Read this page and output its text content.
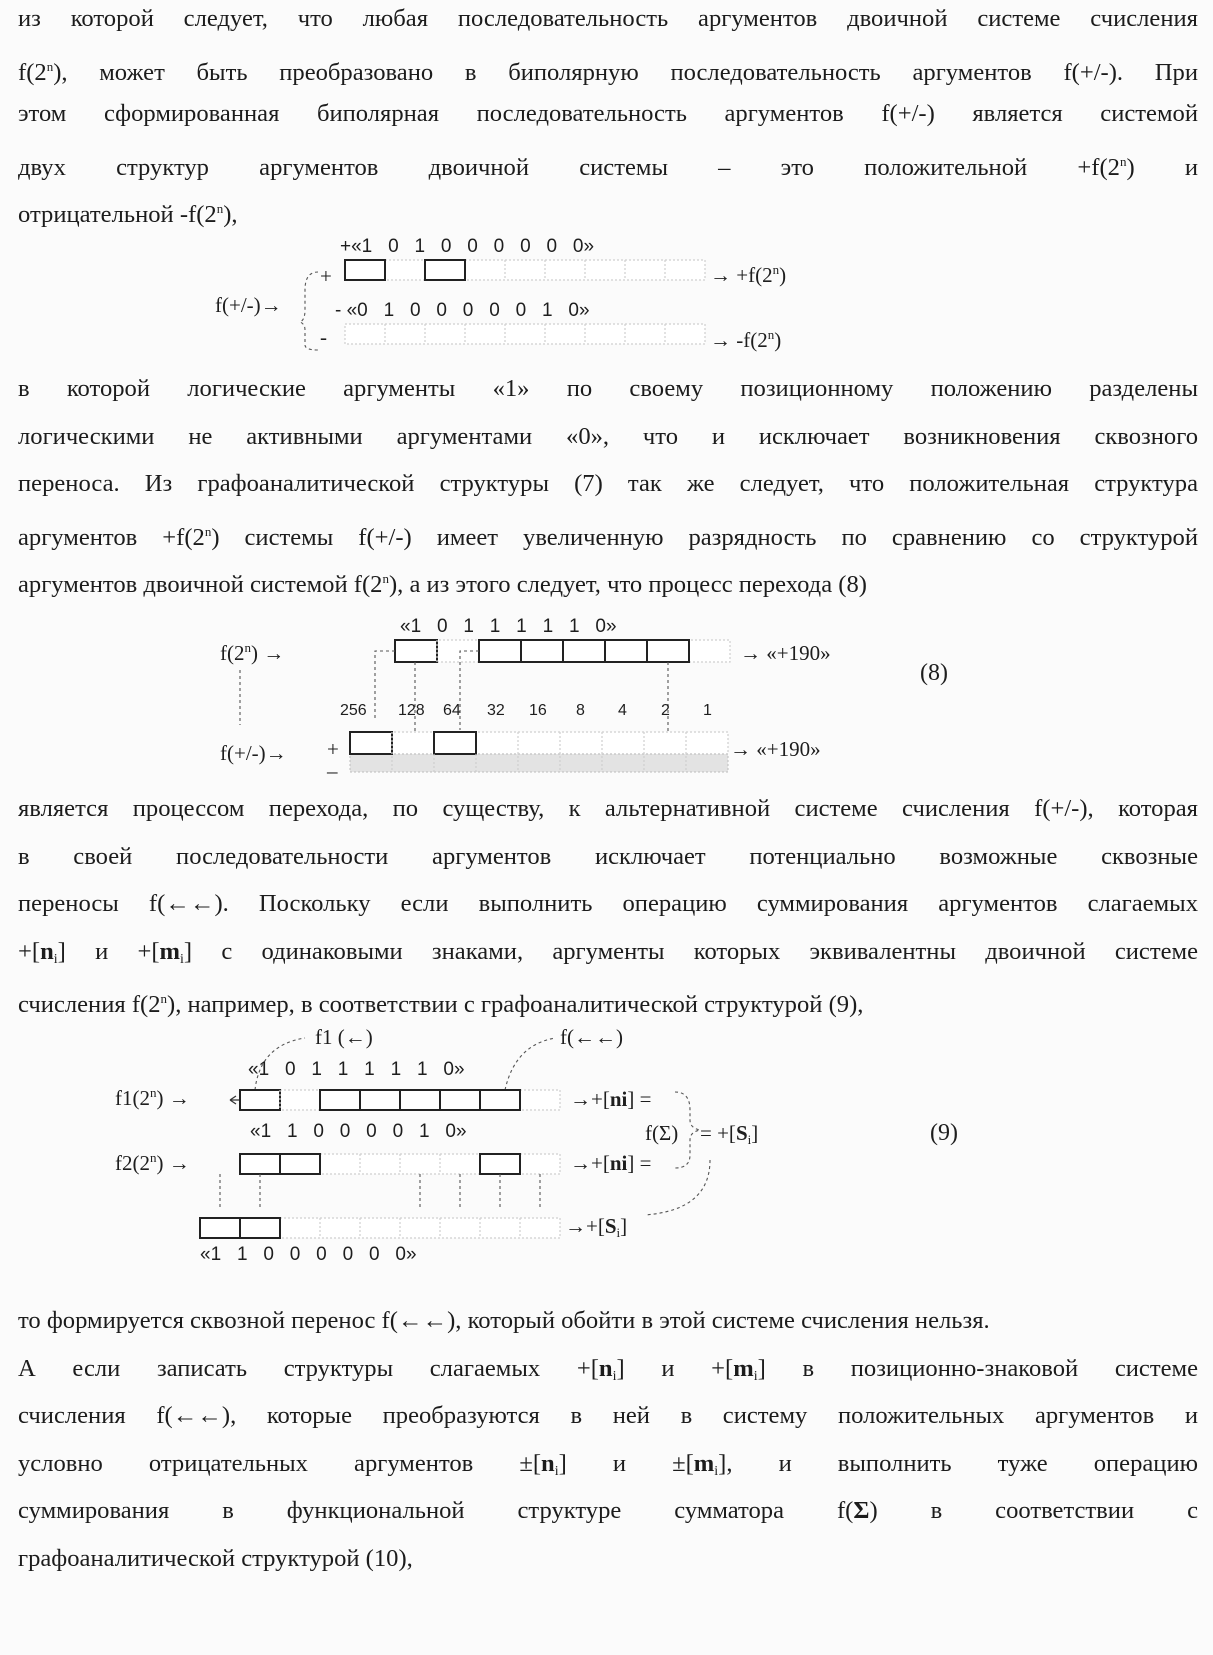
из которой следует, что любая последовательность аргументов двоичной системе счисления
f(2n), может быть преобразовано в биполярную последовательность аргументов f(+/-). При
этом сформированная биполярная последовательность аргументов f(+/-) является системой
двух структур аргументов двоичной системы – это положительной +f(2n) и
отрицательной -f(2n),
+«1   0   1   0   0   0   0   0   0»
+	→ +f(2n)
f(+/-)→	- «0   1   0   0   0   0   0   1   0»
-	→ -f(2n)
в которой логические аргументы «1» по своему позиционному положению разделены
логическими не активными аргументами «0», что и исключает возникновения сквозного
переноса. Из графоаналитической структуры (7) так же следует, что положительная структура
аргументов +f(2n) системы f(+/-) имеет увеличенную разрядность по сравнению со структурой
аргументов двоичной системой f(2n), а из этого следует, что процесс перехода (8)
«1   0   1   1   1   1   1   0»
f(2n) →	→ «+190»
(8)
256 128 64 32 16 8 4 2 1
f(+/-)→ +
–
→ «+190»
является процессом перехода, по существу, к альтернативной системе счисления f(+/-), которая
в своей последовательности аргументов исключает потенциально возможные сквозные
переносы f(←←). Поскольку если выполнить операцию суммирования аргументов слагаемых
+[ni] и +[mi] с одинаковыми знаками, аргументы которых эквивалентны двоичной системе
счисления f(2n), например, в соответствии с графоаналитической структурой (9),
f1 (←)	f(←←)
«1   0   1   1   1   1   1   0»
f1(2n) →	→+[ni] =
«1   1   0   0   0   0   1   0»	f(Σ) = +[Si]	(9)
f2(2n) →	→+[ni] =
→+[Si]
«1   1   0   0   0   0   0   0»
то формируется сквозной перенос f(←←), который обойти в этой системе счисления нельзя.
А если записать структуры слагаемых +[ni] и +[mi] в позиционно-знаковой системе
счисления f(←←), которые преобразуются в ней в систему положительных аргументов и
условно отрицательных аргументов ±[ni] и ±[mi], и выполнить туже операцию
суммирования в функциональной структуре сумматора f(Σ) в соответствии с
графоаналитической структурой (10),
